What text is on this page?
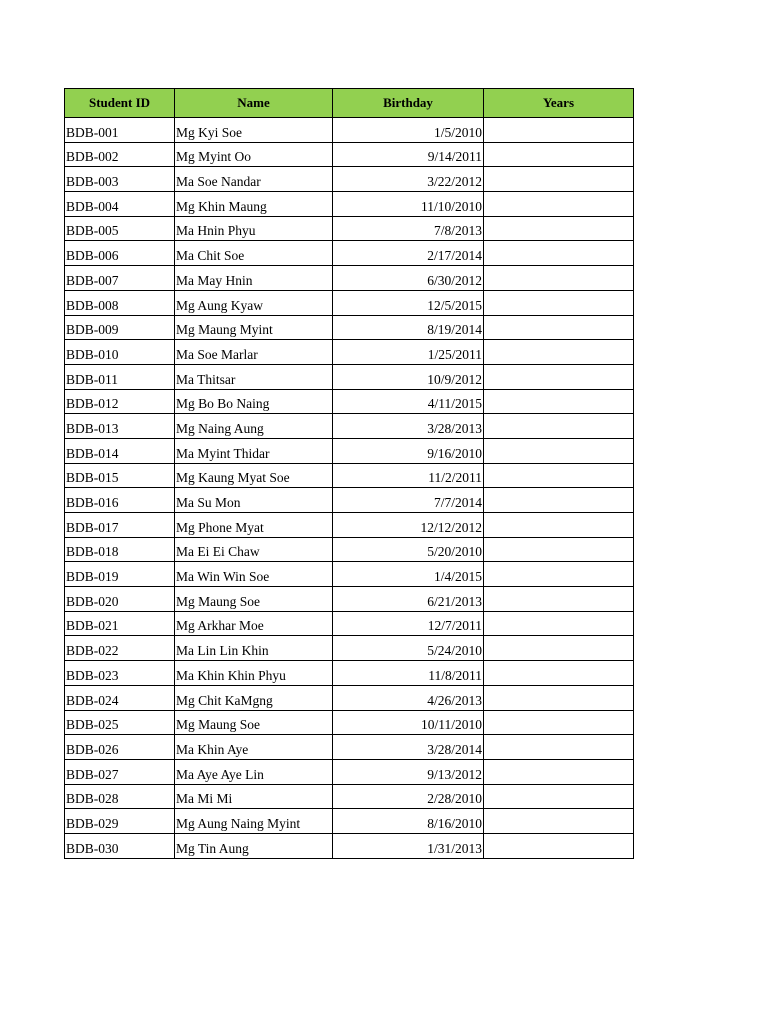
Student ID	Name	Birthday	Years
BDB-001	Mg Kyi Soe	1/5/2010	
BDB-002	Mg Myint Oo	9/14/2011	
BDB-003	Ma Soe Nandar	3/22/2012	
BDB-004	Mg Khin Maung	11/10/2010	
BDB-005	Ma Hnin Phyu	7/8/2013	
BDB-006	Ma Chit Soe	2/17/2014	
BDB-007	Ma May Hnin	6/30/2012	
BDB-008	Mg Aung Kyaw	12/5/2015	
BDB-009	Mg Maung Myint	8/19/2014	
BDB-010	Ma Soe Marlar	1/25/2011	
BDB-011	Ma Thitsar	10/9/2012	
BDB-012	Mg Bo Bo Naing	4/11/2015	
BDB-013	Mg Naing Aung	3/28/2013	
BDB-014	Ma Myint Thidar	9/16/2010	
BDB-015	Mg Kaung Myat Soe	11/2/2011	
BDB-016	Ma Su Mon	7/7/2014	
BDB-017	Mg Phone Myat	12/12/2012	
BDB-018	Ma Ei Ei Chaw	5/20/2010	
BDB-019	Ma Win Win Soe	1/4/2015	
BDB-020	Mg Maung Soe	6/21/2013	
BDB-021	Mg Arkhar Moe	12/7/2011	
BDB-022	Ma Lin Lin Khin	5/24/2010	
BDB-023	Ma Khin Khin Phyu	11/8/2011	
BDB-024	Mg Chit KaMgng	4/26/2013	
BDB-025	Mg Maung Soe	10/11/2010	
BDB-026	Ma Khin Aye	3/28/2014	
BDB-027	Ma Aye Aye Lin	9/13/2012	
BDB-028	Ma Mi Mi	2/28/2010	
BDB-029	Mg Aung Naing Myint	8/16/2010	
BDB-030	Mg Tin Aung	1/31/2013	
